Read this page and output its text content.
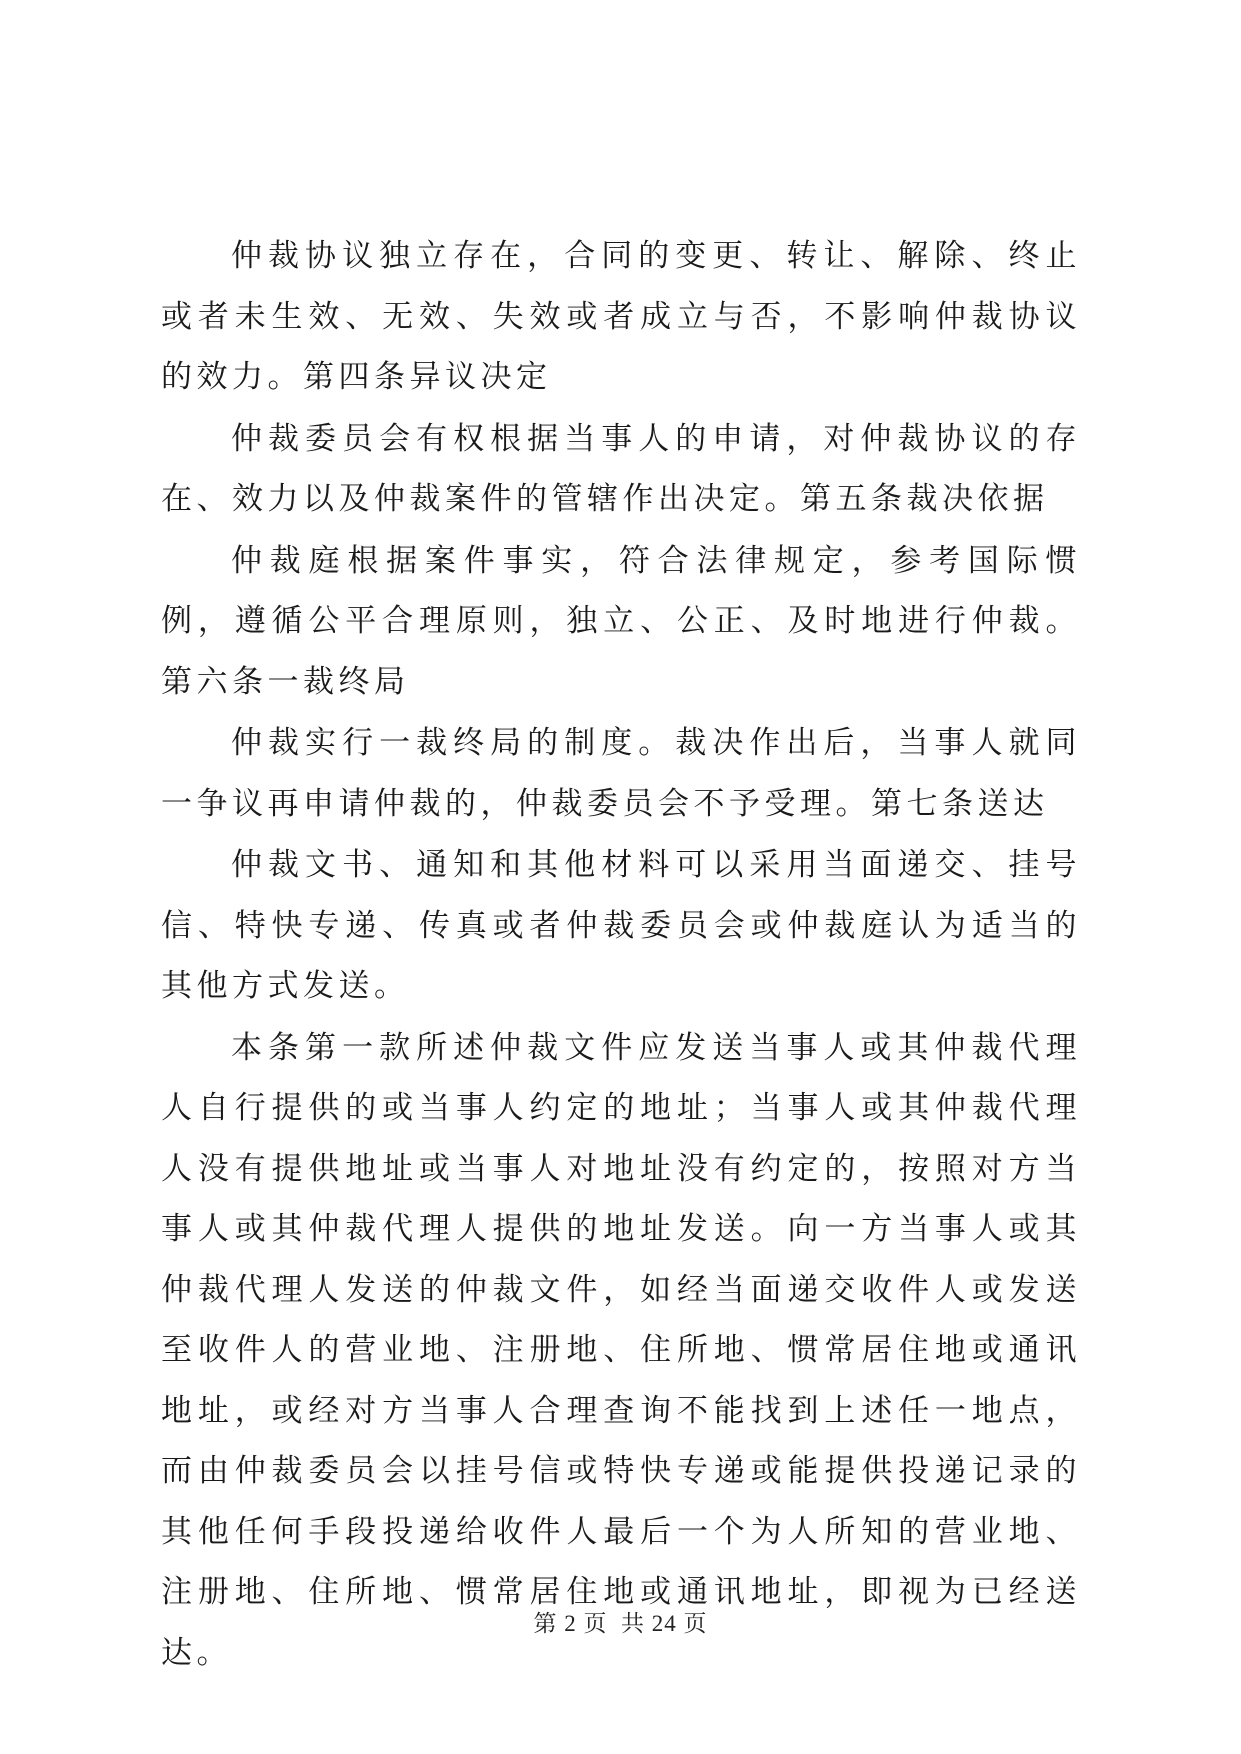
仲裁协议独立存在，合同的变更、转让、解除、终止或者未生效、无效、失效或者成立与否，不影响仲裁协议的效力。第四条异议决定

仲裁委员会有权根据当事人的申请，对仲裁协议的存在、效力以及仲裁案件的管辖作出决定。第五条裁决依据

仲裁庭根据案件事实，符合法律规定，参考国际惯例，遵循公平合理原则，独立、公正、及时地进行仲裁。第六条一裁终局

仲裁实行一裁终局的制度。裁决作出后，当事人就同一争议再申请仲裁的，仲裁委员会不予受理。第七条送达

仲裁文书、通知和其他材料可以采用当面递交、挂号信、特快专递、传真或者仲裁委员会或仲裁庭认为适当的其他方式发送。

本条第一款所述仲裁文件应发送当事人或其仲裁代理人自行提供的或当事人约定的地址；当事人或其仲裁代理人没有提供地址或当事人对地址没有约定的，按照对方当事人或其仲裁代理人提供的地址发送。向一方当事人或其仲裁代理人发送的仲裁文件，如经当面递交收件人或发送至收件人的营业地、注册地、住所地、惯常居住地或通讯地址，或经对方当事人合理查询不能找到上述任一地点，而由仲裁委员会以挂号信或特快专递或能提供投递记录的其他任何手段投递给收件人最后一个为人所知的营业地、注册地、住所地、惯常居住地或通讯地址，即视为已经送达。

第 2 页  共 24 页
